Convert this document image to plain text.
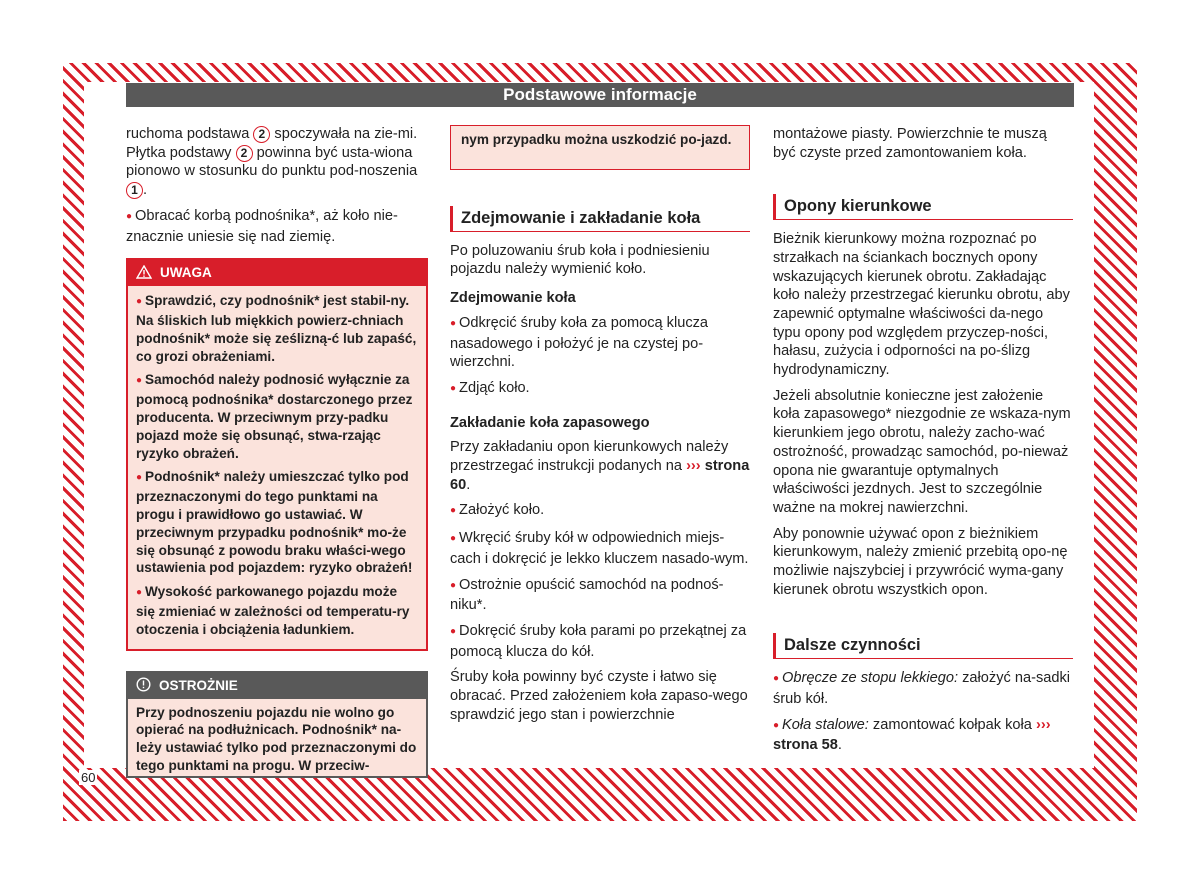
Podstawowe informacje

ruchoma podstawa 2 spoczywała na zie-mi. Płytka podstawy 2 powinna być usta-wiona pionowo w stosunku do punktu pod-noszenia 1 .

● Obracać korbą podnośnika*, aż koło nie-znacznie uniesie się nad ziemię.

UWAGA

● Sprawdzić, czy podnośnik* jest stabil-ny. Na śliskich lub miękkich powierz-chniach podnośnik* może się ześlizną-ć lub zapaść, co grozi obrażeniami.

● Samochód należy podnosić wyłącznie za pomocą podnośnika* dostarczonego przez producenta. W przeciwnym przy-padku pojazd może się obsunąć, stwa-rzając ryzyko obrażeń.

● Podnośnik* należy umieszczać tylko pod przeznaczonymi do tego punktami na progu i prawidłowo go ustawiać. W przeciwnym przypadku podnośnik* mo-że się obsunąć z powodu braku właści-wego ustawienia pod pojazdem: ryzyko obrażeń!

● Wysokość parkowanego pojazdu może się zmieniać w zależności od temperatu-ry otoczenia i obciążenia ładunkiem.

OSTROŻNIE
Przy podnoszeniu pojazdu nie wolno go opierać na podłużnicach. Podnośnik* na-leży ustawiać tylko pod przeznaczonymi do tego punktami na progu. W przeciw-
nym przypadku można uszkodzić po-jazd.
Zdejmowanie i zakładanie koła

Po poluzowaniu śrub koła i podniesieniu pojazdu należy wymienić koło.

Zdejmowanie koła

● Odkręcić śruby koła za pomocą klucza nasadowego i położyć je na czystej po-wierzchni.

● Zdjąć koło.

Zakładanie koła zapasowego

Przy zakładaniu opon kierunkowych należy przestrzegać instrukcji podanych na ››› strona 60.

● Założyć koło.

● Wkręcić śruby kół w odpowiednich miejs-cach i dokręcić je lekko kluczem nasado-wym.

● Ostrożnie opuścić samochód na podnoś-niku*.

● Dokręcić śruby koła parami po przekątnej za pomocą klucza do kół.

Śruby koła powinny być czyste i łatwo się obracać. Przed założeniem koła zapaso-wego sprawdzić jego stan i powierzchnie

montażowe piasty. Powierzchnie te muszą być czyste przed zamontowaniem koła.

Opony kierunkowe

Bieżnik kierunkowy można rozpoznać po strzałkach na ściankach bocznych opony wskazujących kierunek obrotu. Zakładając koło należy przestrzegać kierunku obrotu, aby zapewnić optymalne właściwości da-nego typu opony pod względem przyczep-ności, hałasu, zużycia i odporności na po-ślizg hydrodynamiczny.

Jeżeli absolutnie konieczne jest założenie koła zapasowego* niezgodnie ze wskaza-nym kierunkiem jego obrotu, należy zacho-wać ostrożność, prowadząc samochód, po-nieważ opona nie gwarantuje optymalnych właściwości jezdnych. Jest to szczególnie ważne na mokrej nawierzchni.

Aby ponownie używać opon z bieżnikiem kierunkowym, należy zmienić przebitą opo-nę możliwie najszybciej i przywrócić wyma-gany kierunek obrotu wszystkich opon.

Dalsze czynności

● Obręcze ze stopu lekkiego: założyć na-sadki śrub kół.

● Koła stalowe: zamontować kołpak koła ››› strona 58.

60
